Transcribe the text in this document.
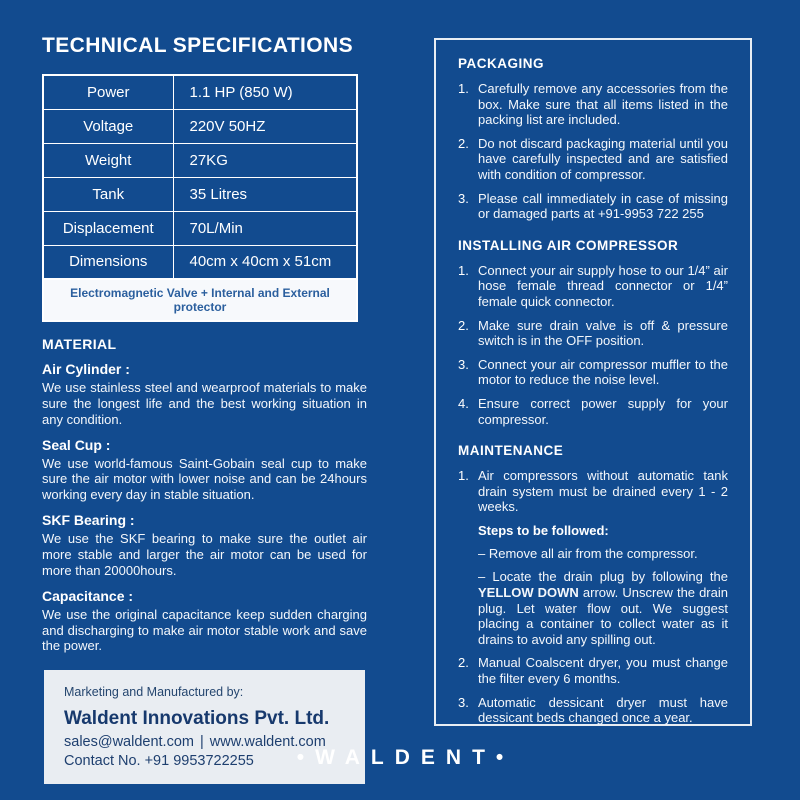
TECHNICAL SPECIFICATIONS
Power	1.1 HP (850 W)
Voltage	220V 50HZ
Weight	27KG
Tank	35 Litres
Displacement	70L/Min
Dimensions	40cm x 40cm x 51cm
Electromagnetic Valve + Internal and External protector
MATERIAL
Air Cylinder :
We use stainless steel and wearproof materials to make sure the longest life and the best working situation in any condition.
Seal Cup :
We use world-famous Saint-Gobain seal cup to make sure the air motor with lower noise and can be 24hours working every day in stable situation.
SKF Bearing :
We use the SKF bearing to make sure the outlet air more stable and larger the air motor can be used for more than 20000hours.
Capacitance :
We use the original capacitance keep sudden charging and discharging to make air motor stable work and save the power.
Marketing and Manufactured by:
Waldent Innovations Pvt. Ltd.
sales@waldent.com | www.waldent.com
Contact No. +91 9953722255
PACKAGING
1. Carefully remove any accessories from the box. Make sure that all items listed in the packing list are included.
2. Do not discard packaging material until you have carefully inspected and are satisfied with condition of compressor.
3. Please call immediately in case of missing or damaged parts at +91-9953 722 255
INSTALLING AIR COMPRESSOR
1. Connect your air supply hose to our 1/4” air hose female thread connector or 1/4” female quick connector.
2. Make sure drain valve is off & pressure switch is in the OFF position.
3. Connect your air compressor muffler to the motor to reduce the noise level.
4. Ensure correct power supply for your compressor.
MAINTENANCE
1. Air compressors without automatic tank drain system must be drained every 1 - 2 weeks.
Steps to be followed:
– Remove all air from the compressor.
– Locate the drain plug by following the YELLOW DOWN arrow. Unscrew the drain plug. Let water flow out. We suggest placing a container to collect water as it drains to avoid any spilling out.
2. Manual Coalscent dryer, you must change the filter every 6 months.
3. Automatic dessicant dryer must have dessicant beds changed once a year.
•WALDENT•
